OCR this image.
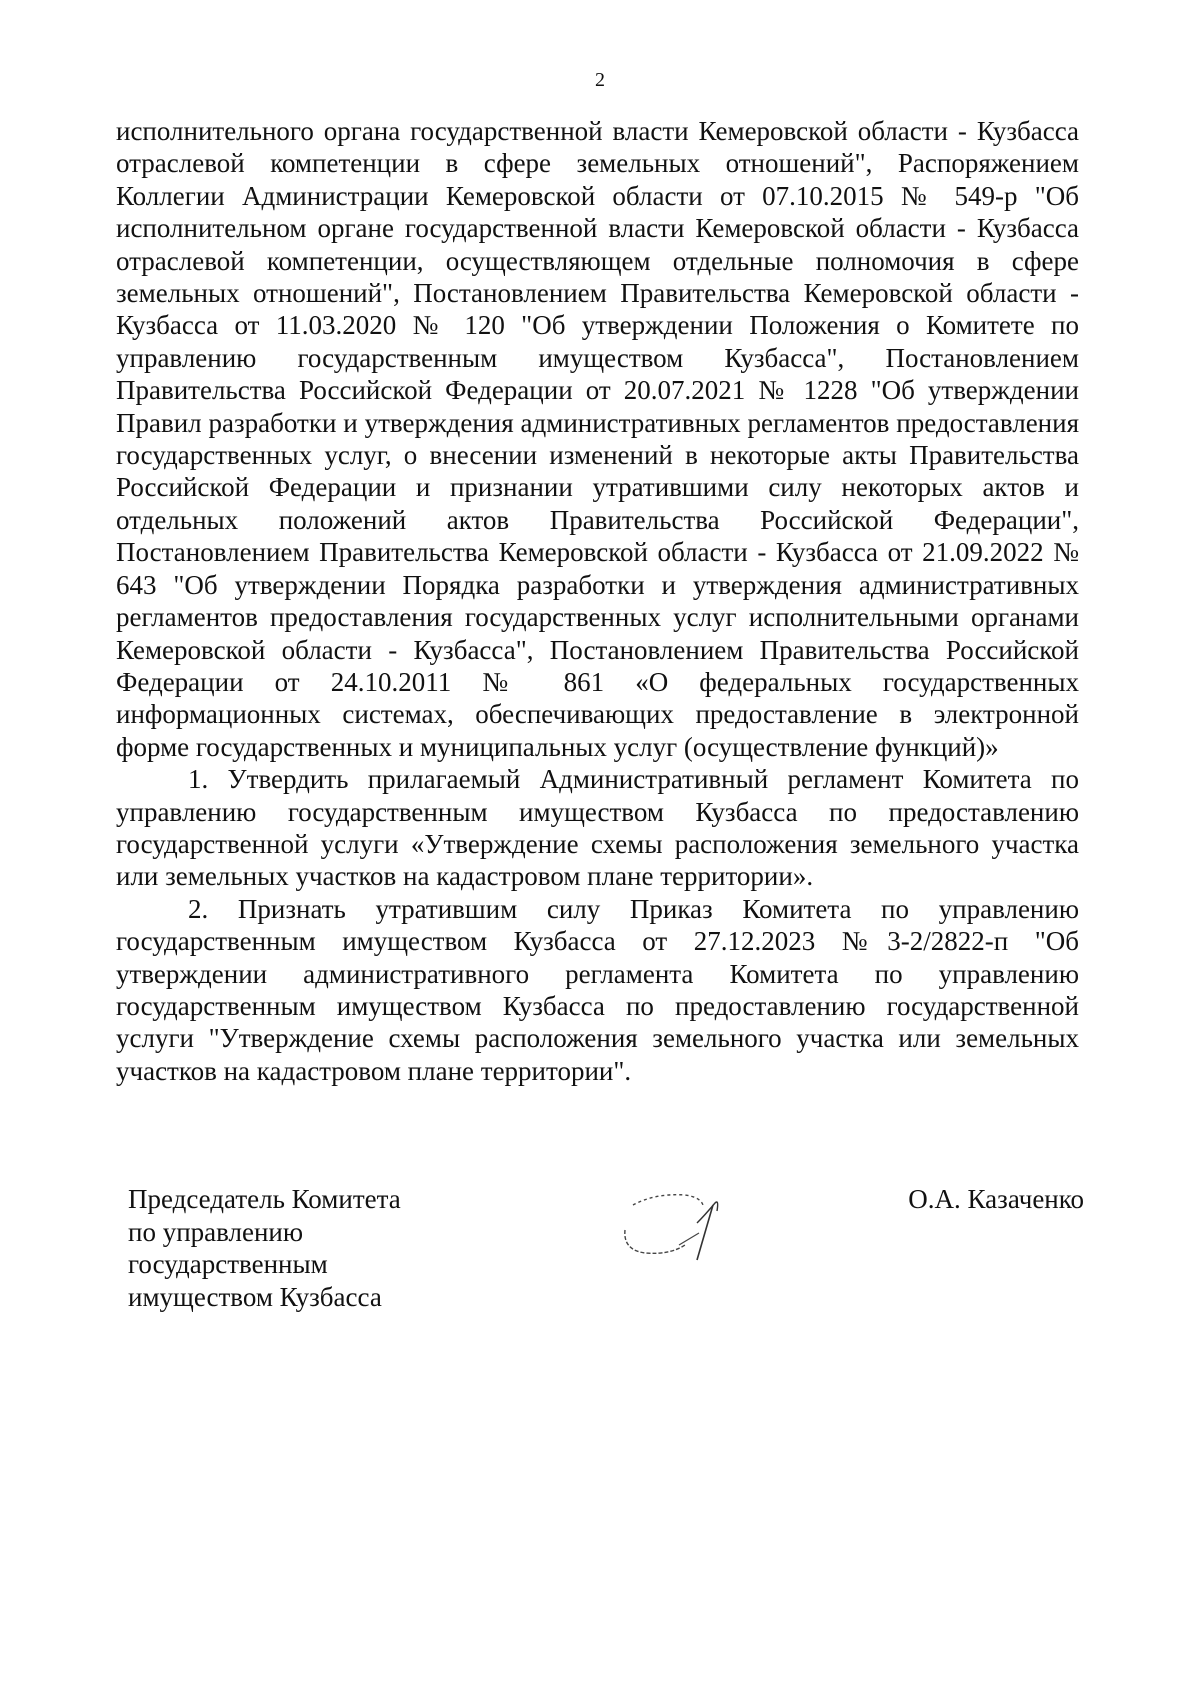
2

исполнительного органа государственной власти Кемеровской области - Кузбасса отраслевой компетенции в сфере земельных отношений", Распоряжением Коллегии Администрации Кемеровской области от 07.10.2015 № 549-р "Об исполнительном органе государственной власти Кемеровской области - Кузбасса отраслевой компетенции, осуществляющем отдельные полномочия в сфере земельных отношений", Постановлением Правительства Кемеровской области - Кузбасса от 11.03.2020 № 120 "Об утверждении Положения о Комитете по управлению государственным имуществом Кузбасса", Постановлением Правительства Российской Федерации от 20.07.2021 № 1228 "Об утверждении Правил разработки и утверждения административных регламентов предоставления государственных услуг, о внесении изменений в некоторые акты Правительства Российской Федерации и признании утратившими силу некоторых актов и отдельных положений актов Правительства Российской Федерации", Постановлением Правительства Кемеровской области - Кузбасса от 21.09.2022 № 643 "Об утверждении Порядка разработки и утверждения административных регламентов предоставления государственных услуг исполнительными органами Кемеровской области - Кузбасса", Постановлением Правительства Российской Федерации от 24.10.2011 № 861 «О федеральных государственных информационных системах, обеспечивающих предоставление в электронной форме государственных и муниципальных услуг (осуществление функций)»

1. Утвердить прилагаемый Административный регламент Комитета по управлению государственным имуществом Кузбасса по предоставлению государственной услуги «Утверждение схемы расположения земельного участка или земельных участков на кадастровом плане территории».

2. Признать утратившим силу Приказ Комитета по управлению государственным имуществом Кузбасса от 27.12.2023 №3-2/2822-п "Об утверждении административного регламента Комитета по управлению государственным имуществом Кузбасса по предоставлению государственной услуги "Утверждение схемы расположения земельного участка или земельных участков на кадастровом плане территории".

Председатель Комитета
по управлению
государственным
имуществом Кузбасса
О.А. Казаченко
